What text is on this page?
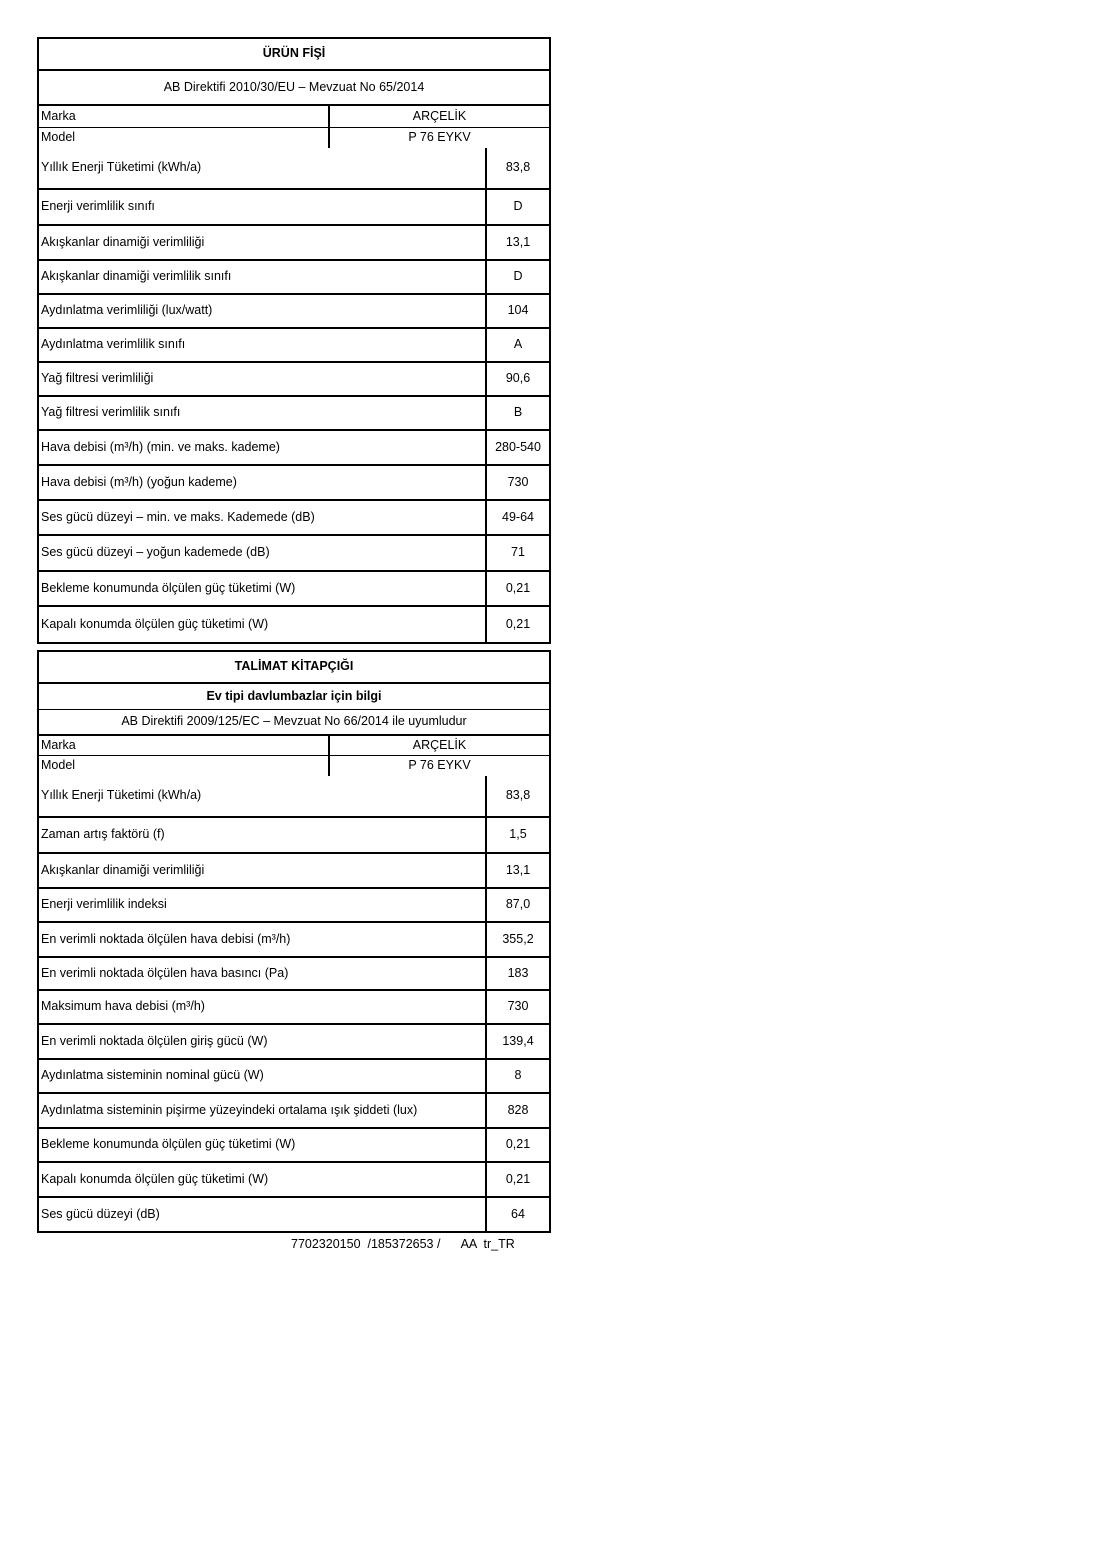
ÜRÜN FİŞİ
AB Direktifi 2010/30/EU – Mevzuat No 65/2014
Marka	ARÇELİK
Model	P 76 EYKV
Yıllık Enerji Tüketimi (kWh/a)	83,8
Enerji verimlilik sınıfı	D
Akışkanlar dinamiği verimliliği	13,1
Akışkanlar dinamiği verimlilik sınıfı	D
Aydınlatma verimliliği (lux/watt)	104
Aydınlatma verimlilik sınıfı	A
Yağ filtresi verimliliği	90,6
Yağ filtresi verimlilik sınıfı	B
Hava debisi (m³/h) (min. ve maks. kademe)	280-540
Hava debisi (m³/h) (yoğun kademe)	730
Ses gücü düzeyi – min. ve maks. Kademede (dB)	49-64
Ses gücü düzeyi – yoğun kademede (dB)	71
Bekleme konumunda ölçülen güç tüketimi (W)	0,21
Kapalı konumda ölçülen güç tüketimi (W)	0,21
TALİMAT KİTAPÇIĞI
Ev tipi davlumbazlar için bilgi
AB Direktifi 2009/125/EC – Mevzuat No 66/2014 ile uyumludur
Marka	ARÇELİK
Model	P 76 EYKV
Yıllık Enerji Tüketimi (kWh/a)	83,8
Zaman artış faktörü (f)	1,5
Akışkanlar dinamiği verimliliği	13,1
Enerji verimlilik indeksi	87,0
En verimli noktada ölçülen hava debisi (m³/h)	355,2
En verimli noktada ölçülen hava basıncı (Pa)	183
Maksimum hava debisi (m³/h)	730
En verimli noktada ölçülen giriş gücü (W)	139,4
Aydınlatma sisteminin nominal gücü (W)	8
Aydınlatma sisteminin pişirme yüzeyindeki ortalama ışık şiddeti (lux)	828
Bekleme konumunda ölçülen güç tüketimi (W)	0,21
Kapalı konumda ölçülen güç tüketimi (W)	0,21
Ses gücü düzeyi (dB)	64
7702320150  /185372653 /      AA  tr_TR
